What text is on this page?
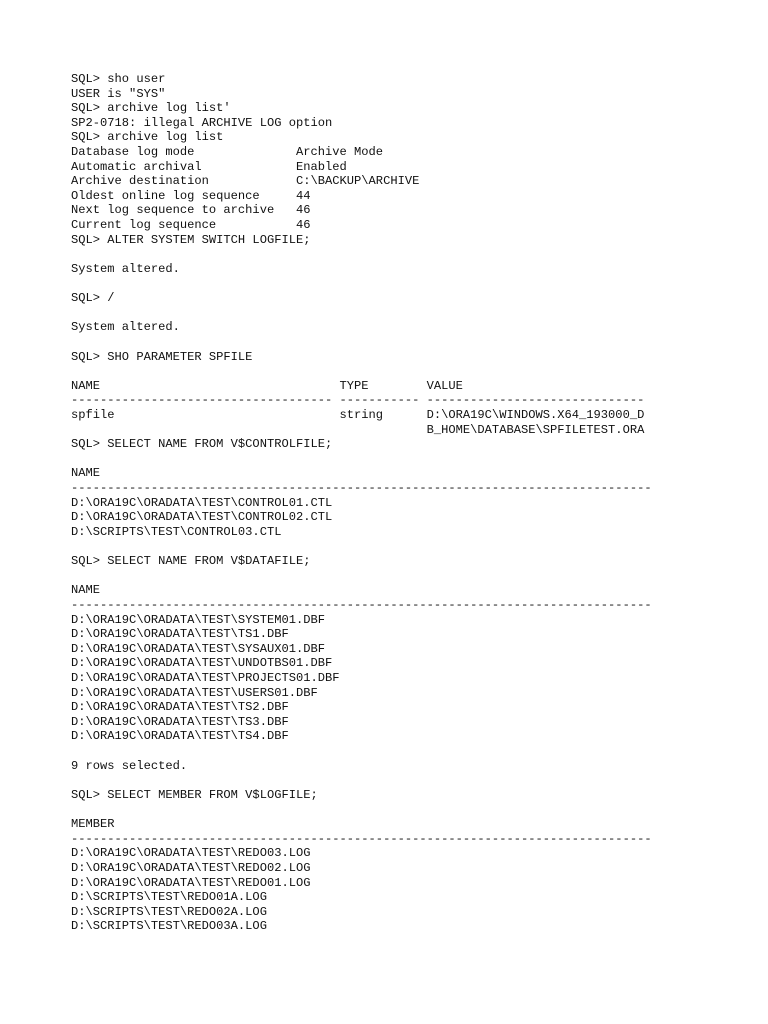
SQL> sho user
USER is "SYS"
SQL> archive log list'
SP2-0718: illegal ARCHIVE LOG option
SQL> archive log list
Database log mode              Archive Mode
Automatic archival             Enabled
Archive destination            C:\BACKUP\ARCHIVE
Oldest online log sequence     44
Next log sequence to archive   46
Current log sequence           46
SQL> ALTER SYSTEM SWITCH LOGFILE;
System altered.
SQL> /
System altered.
SQL> SHO PARAMETER SPFILE
NAME                                 TYPE        VALUE
------------------------------------ ----------- ------------------------------
spfile                               string      D:\ORA19C\WINDOWS.X64_193000_D
B_HOME\DATABASE\SPFILETEST.ORA
SQL> SELECT NAME FROM V$CONTROLFILE;
NAME
--------------------------------------------------------------------------------
D:\ORA19C\ORADATA\TEST\CONTROL01.CTL
D:\ORA19C\ORADATA\TEST\CONTROL02.CTL
D:\SCRIPTS\TEST\CONTROL03.CTL
SQL> SELECT NAME FROM V$DATAFILE;
NAME
--------------------------------------------------------------------------------
D:\ORA19C\ORADATA\TEST\SYSTEM01.DBF
D:\ORA19C\ORADATA\TEST\TS1.DBF
D:\ORA19C\ORADATA\TEST\SYSAUX01.DBF
D:\ORA19C\ORADATA\TEST\UNDOTBS01.DBF
D:\ORA19C\ORADATA\TEST\PROJECTS01.DBF
D:\ORA19C\ORADATA\TEST\USERS01.DBF
D:\ORA19C\ORADATA\TEST\TS2.DBF
D:\ORA19C\ORADATA\TEST\TS3.DBF
D:\ORA19C\ORADATA\TEST\TS4.DBF
9 rows selected.
SQL> SELECT MEMBER FROM V$LOGFILE;
MEMBER
--------------------------------------------------------------------------------
D:\ORA19C\ORADATA\TEST\REDO03.LOG
D:\ORA19C\ORADATA\TEST\REDO02.LOG
D:\ORA19C\ORADATA\TEST\REDO01.LOG
D:\SCRIPTS\TEST\REDO01A.LOG
D:\SCRIPTS\TEST\REDO02A.LOG
D:\SCRIPTS\TEST\REDO03A.LOG
